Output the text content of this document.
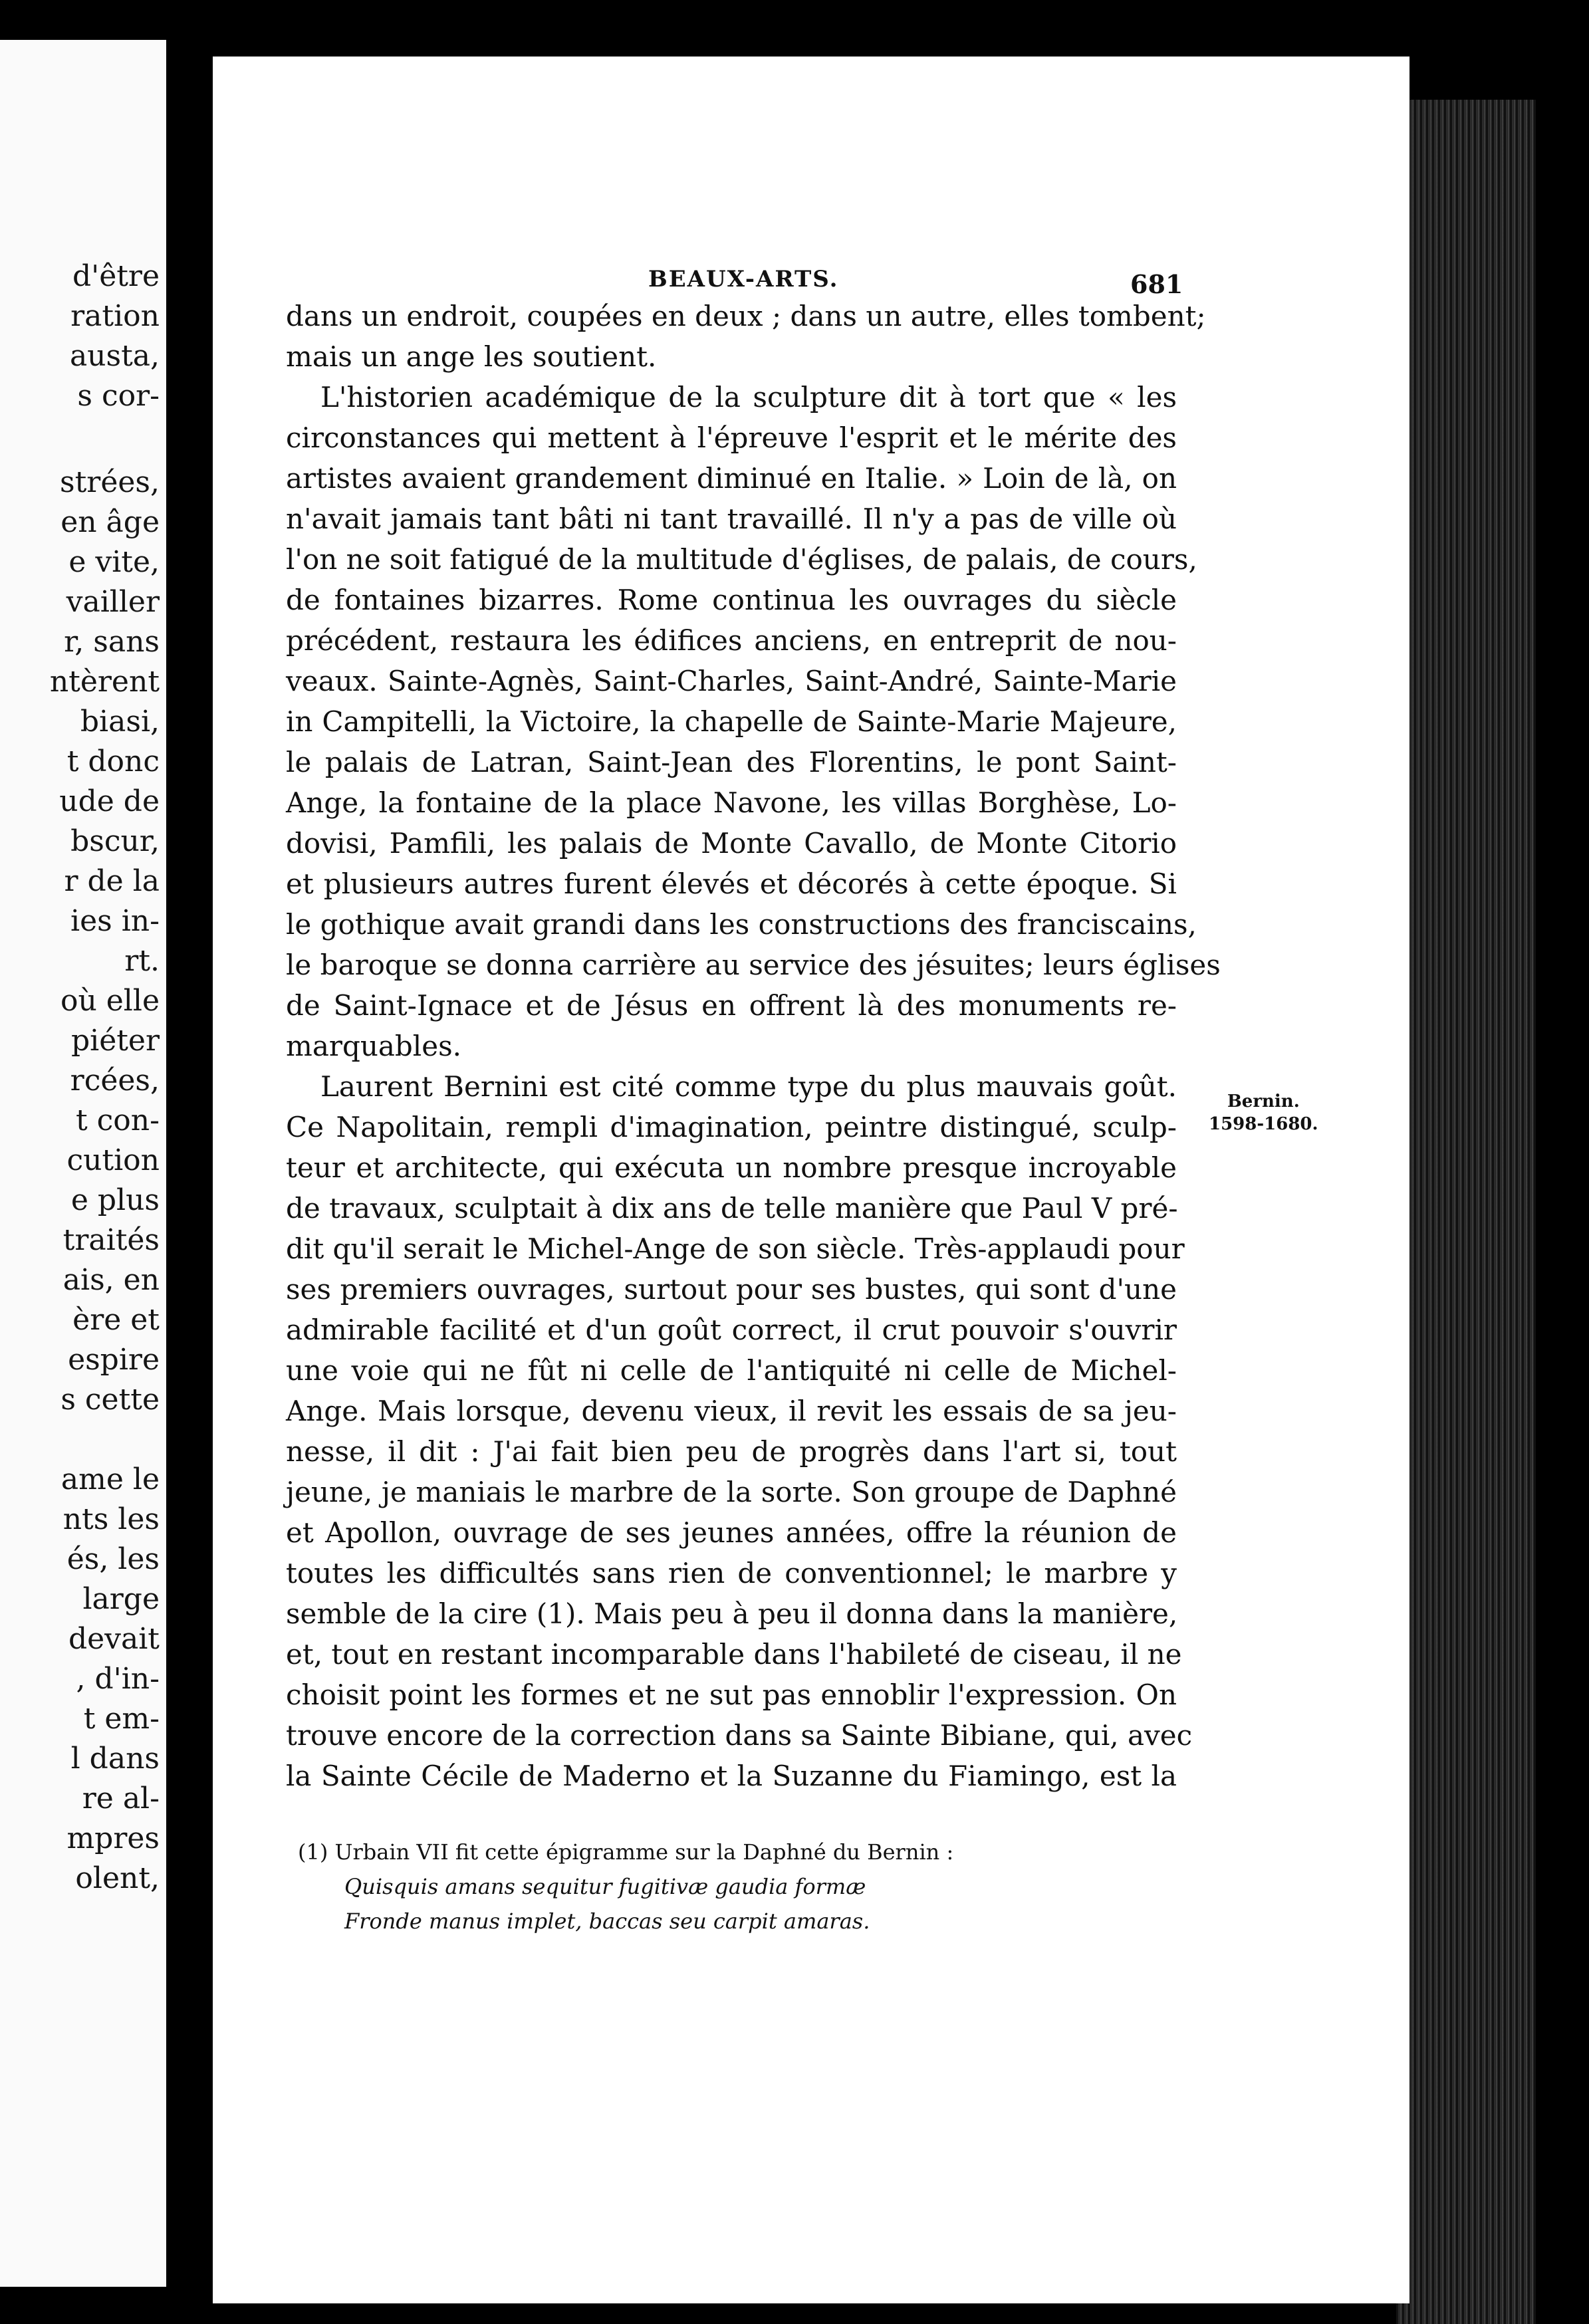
d'être
ration
austa,
s cor-
strées,
en âge
e vite,
vailler
r, sans
ntèrent
biasi,
t donc
ude de
bscur,
r de la
ies in-
rt.
où elle
piéter
rcées,
t con-
cution
e plus
traités
ais, en
ère et
espire
s cette
ame le
nts les
és, les
large
devait
, d'in-
t em-
l dans
re al-
mpres
olent,
BEAUX-ARTS.	681
dans un endroit, coupées en deux ; dans un autre, elles tombent;
mais un ange les soutient.
L'historien académique de la sculpture dit à tort que « les
circonstances qui mettent à l'épreuve l'esprit et le mérite des
artistes avaient grandement diminué en Italie. » Loin de là, on
n'avait jamais tant bâti ni tant travaillé. Il n'y a pas de ville où
l'on ne soit fatigué de la multitude d'églises, de palais, de cours,
de fontaines bizarres. Rome continua les ouvrages du siècle
précédent, restaura les édifices anciens, en entreprit de nou-
veaux. Sainte-Agnès, Saint-Charles, Saint-André, Sainte-Marie
in Campitelli, la Victoire, la chapelle de Sainte-Marie Majeure,
le palais de Latran, Saint-Jean des Florentins, le pont Saint-
Ange, la fontaine de la place Navone, les villas Borghèse, Lo-
dovisi, Pamfili, les palais de Monte Cavallo, de Monte Citorio
et plusieurs autres furent élevés et décorés à cette époque. Si
le gothique avait grandi dans les constructions des franciscains,
le baroque se donna carrière au service des jésuites; leurs églises
de Saint-Ignace et de Jésus en offrent là des monuments re-
marquables.
Laurent Bernini est cité comme type du plus mauvais goût.
Ce Napolitain, rempli d'imagination, peintre distingué, sculp-
teur et architecte, qui exécuta un nombre presque incroyable
de travaux, sculptait à dix ans de telle manière que Paul V pré-
dit qu'il serait le Michel-Ange de son siècle. Très-applaudi pour
ses premiers ouvrages, surtout pour ses bustes, qui sont d'une
admirable facilité et d'un goût correct, il crut pouvoir s'ouvrir
une voie qui ne fût ni celle de l'antiquité ni celle de Michel-
Ange. Mais lorsque, devenu vieux, il revit les essais de sa jeu-
nesse, il dit : J'ai fait bien peu de progrès dans l'art si, tout
jeune, je maniais le marbre de la sorte. Son groupe de Daphné
et Apollon, ouvrage de ses jeunes années, offre la réunion de
toutes les difficultés sans rien de conventionnel; le marbre y
semble de la cire (1). Mais peu à peu il donna dans la manière,
et, tout en restant incomparable dans l'habileté de ciseau, il ne
choisit point les formes et ne sut pas ennoblir l'expression. On
trouve encore de la correction dans sa Sainte Bibiane, qui, avec
la Sainte Cécile de Maderno et la Suzanne du Fiamingo, est la
Bernin.
1598-1680.
(1) Urbain VII fit cette épigramme sur la Daphné du Bernin :
Quisquis amans sequitur fugitivæ gaudia formæ
Fronde manus implet, baccas seu carpit amaras.
